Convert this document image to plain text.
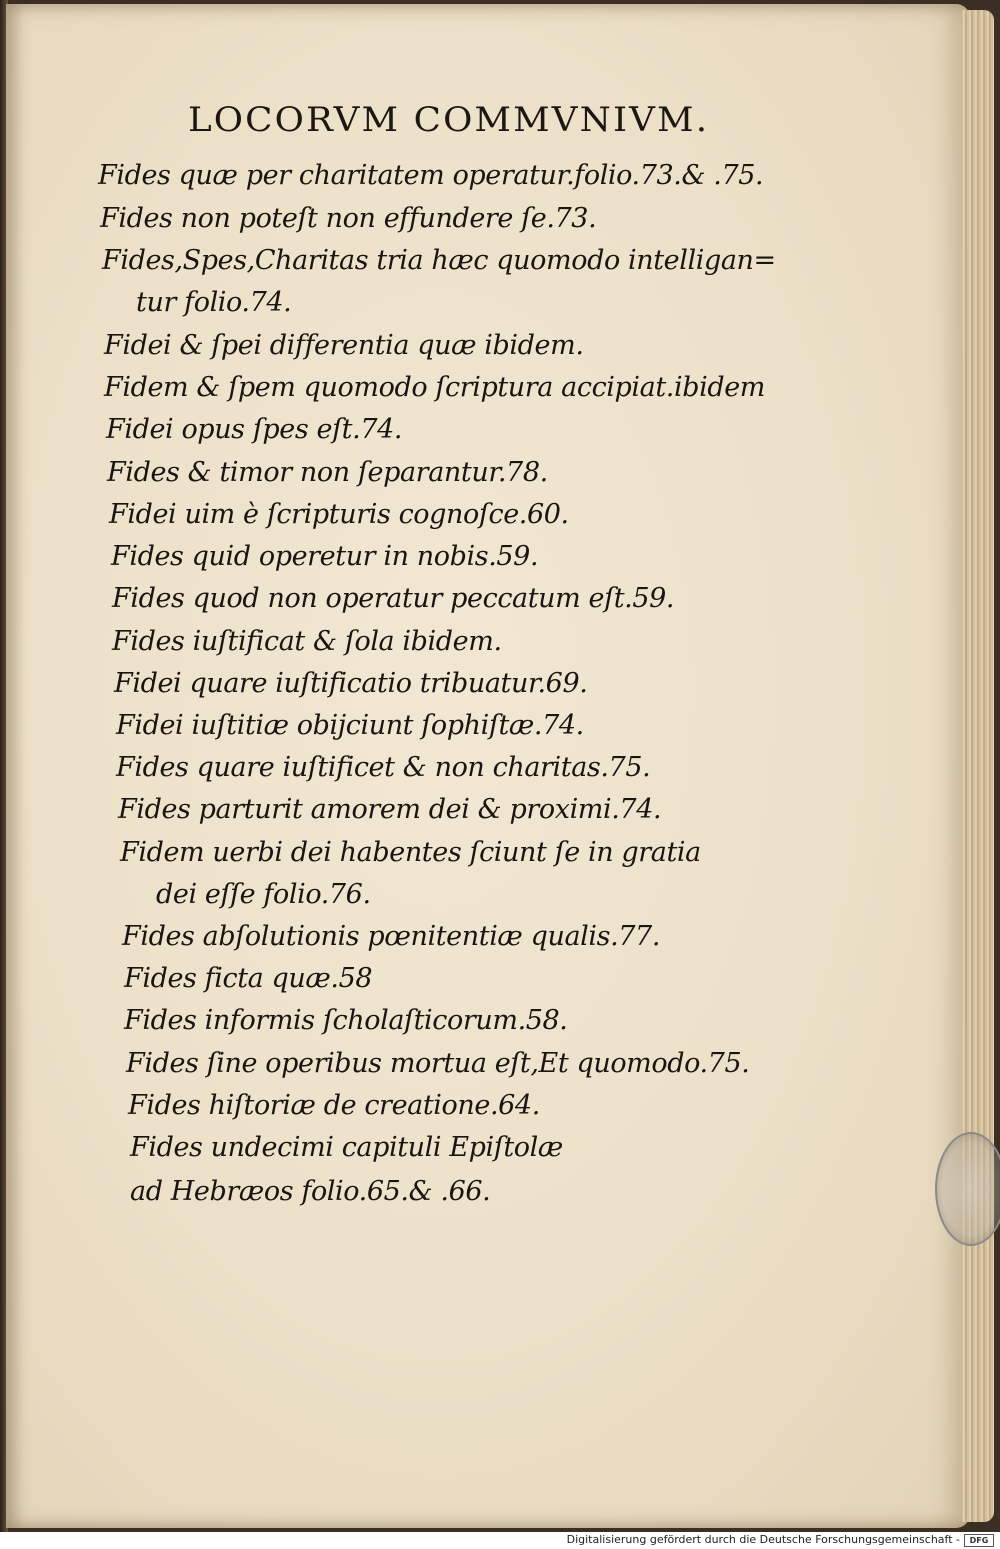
LOCORVM COMMVNIVM.
Fides quæ per charitatem operatur.folio.73.& .75.
Fides non poteſt non effundere ſe.73.
Fides,Spes,Charitas tria hæc quomodo intelligan=
tur folio.74.
Fidei & ſpei differentia quæ ibidem.
Fidem & ſpem quomodo ſcriptura accipiat.ibidem
Fidei opus ſpes eſt.74.
Fides & timor non ſeparantur.78.
Fidei uim è ſcripturis cognoſce.60.
Fides quid operetur in nobis.59.
Fides quod non operatur peccatum eſt.59.
Fides iuſtificat & ſola ibidem.
Fidei quare iuſtificatio tribuatur.69.
Fidei iuſtitiæ obijciunt ſophiſtæ.74.
Fides quare iuſtificet & non charitas.75.
Fides parturit amorem dei & proximi.74.
Fidem uerbi dei habentes ſciunt ſe in gratia
dei eſſe folio.76.
Fides abſolutionis pœnitentiæ qualis.77.
Fides ficta quæ.58
Fides informis ſcholaſticorum.58.
Fides ſine operibus mortua eſt,Et quomodo.75.
Fides hiſtoriæ de creatione.64.
Fides undecimi capituli Epiſtolæ
ad Hebræos folio.65.& .66.
Digitalisierung gefördert durch die Deutsche Forschungsgemeinschaft -	DFG
